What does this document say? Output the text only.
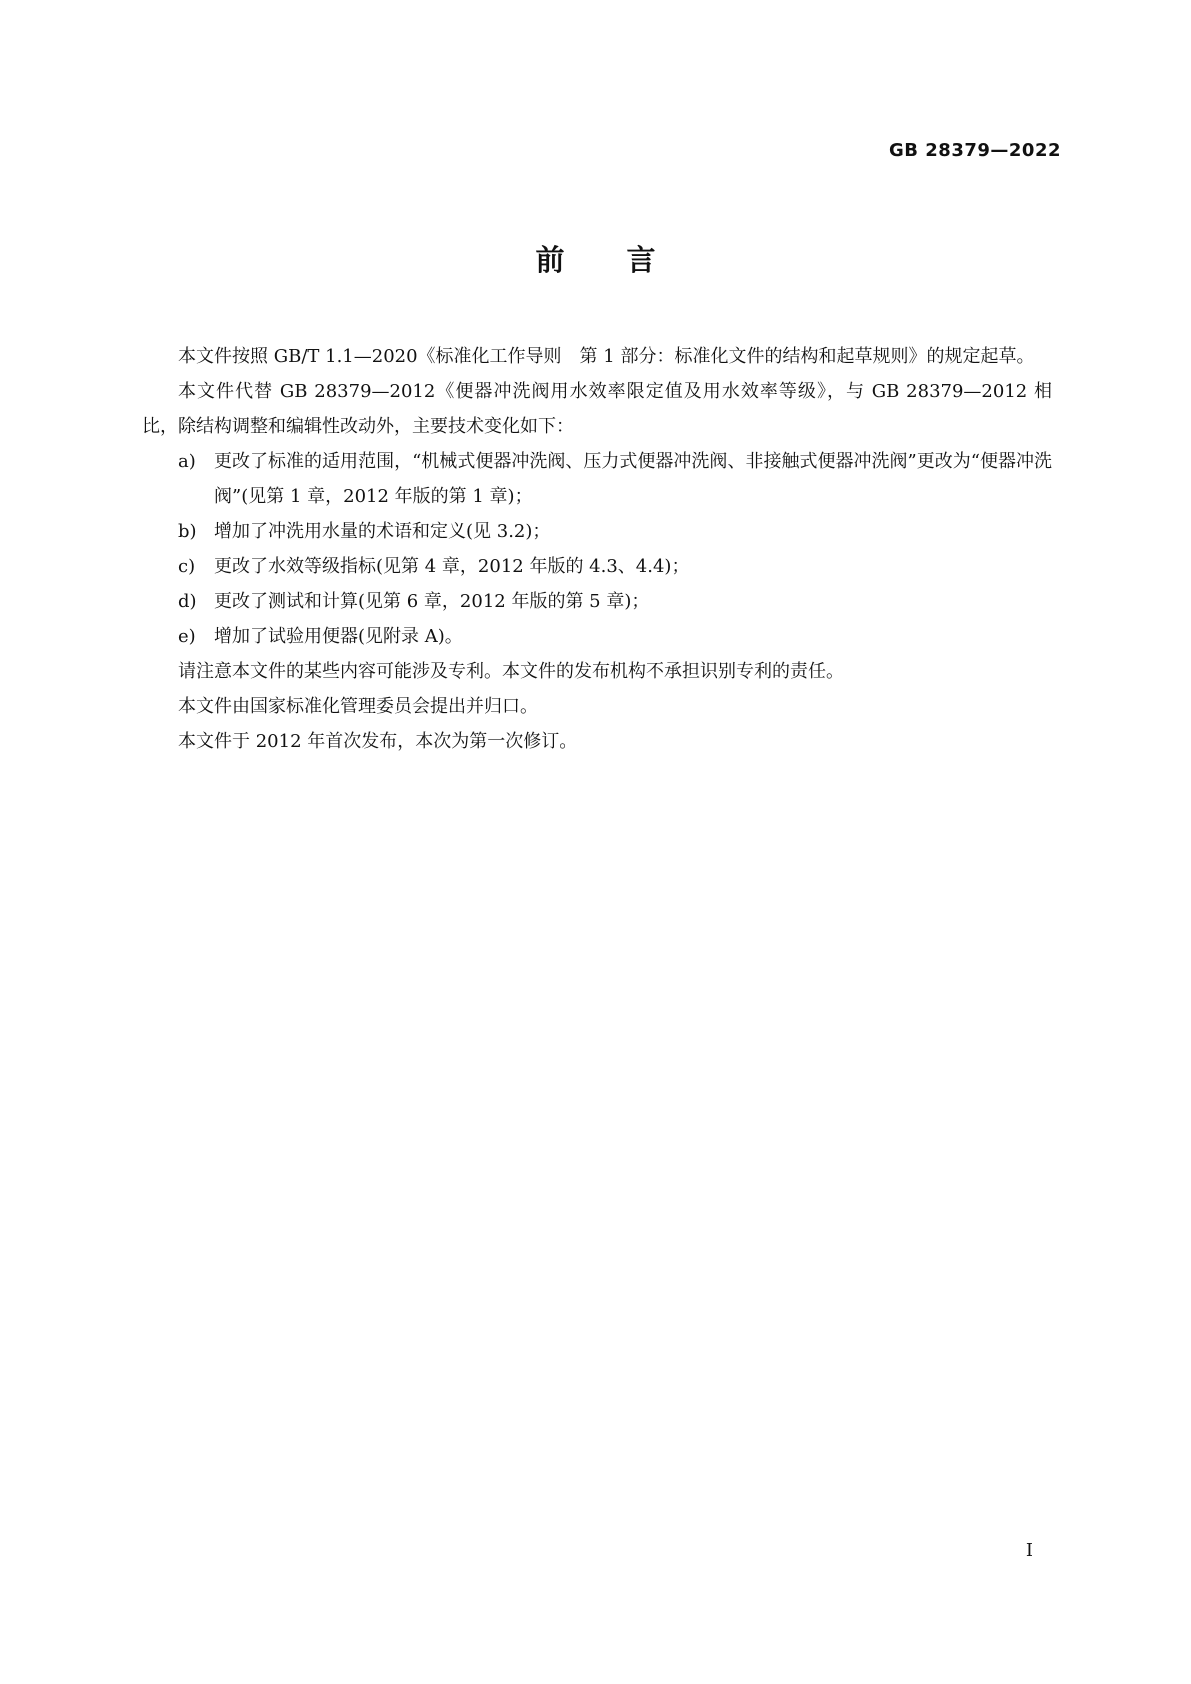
GB 28379—2022
前言

本文件按照 GB/T 1.1—2020《标准化工作导则　第 1 部分：标准化文件的结构和起草规则》的规定起草。

本文件代替 GB 28379—2012《便器冲洗阀用水效率限定值及用水效率等级》，与 GB 28379—2012 相比，除结构调整和编辑性改动外，主要技术变化如下：

a) 更改了标准的适用范围，“机械式便器冲洗阀、压力式便器冲洗阀、非接触式便器冲洗阀”更改为“便器冲洗阀”(见第 1 章，2012 年版的第 1 章)；
b) 增加了冲洗用水量的术语和定义(见 3.2)；
c) 更改了水效等级指标(见第 4 章，2012 年版的 4.3、4.4)；
d) 更改了测试和计算(见第 6 章，2012 年版的第 5 章)；
e) 增加了试验用便器(见附录 A)。

请注意本文件的某些内容可能涉及专利。本文件的发布机构不承担识别专利的责任。

本文件由国家标准化管理委员会提出并归口。

本文件于 2012 年首次发布，本次为第一次修订。

I
